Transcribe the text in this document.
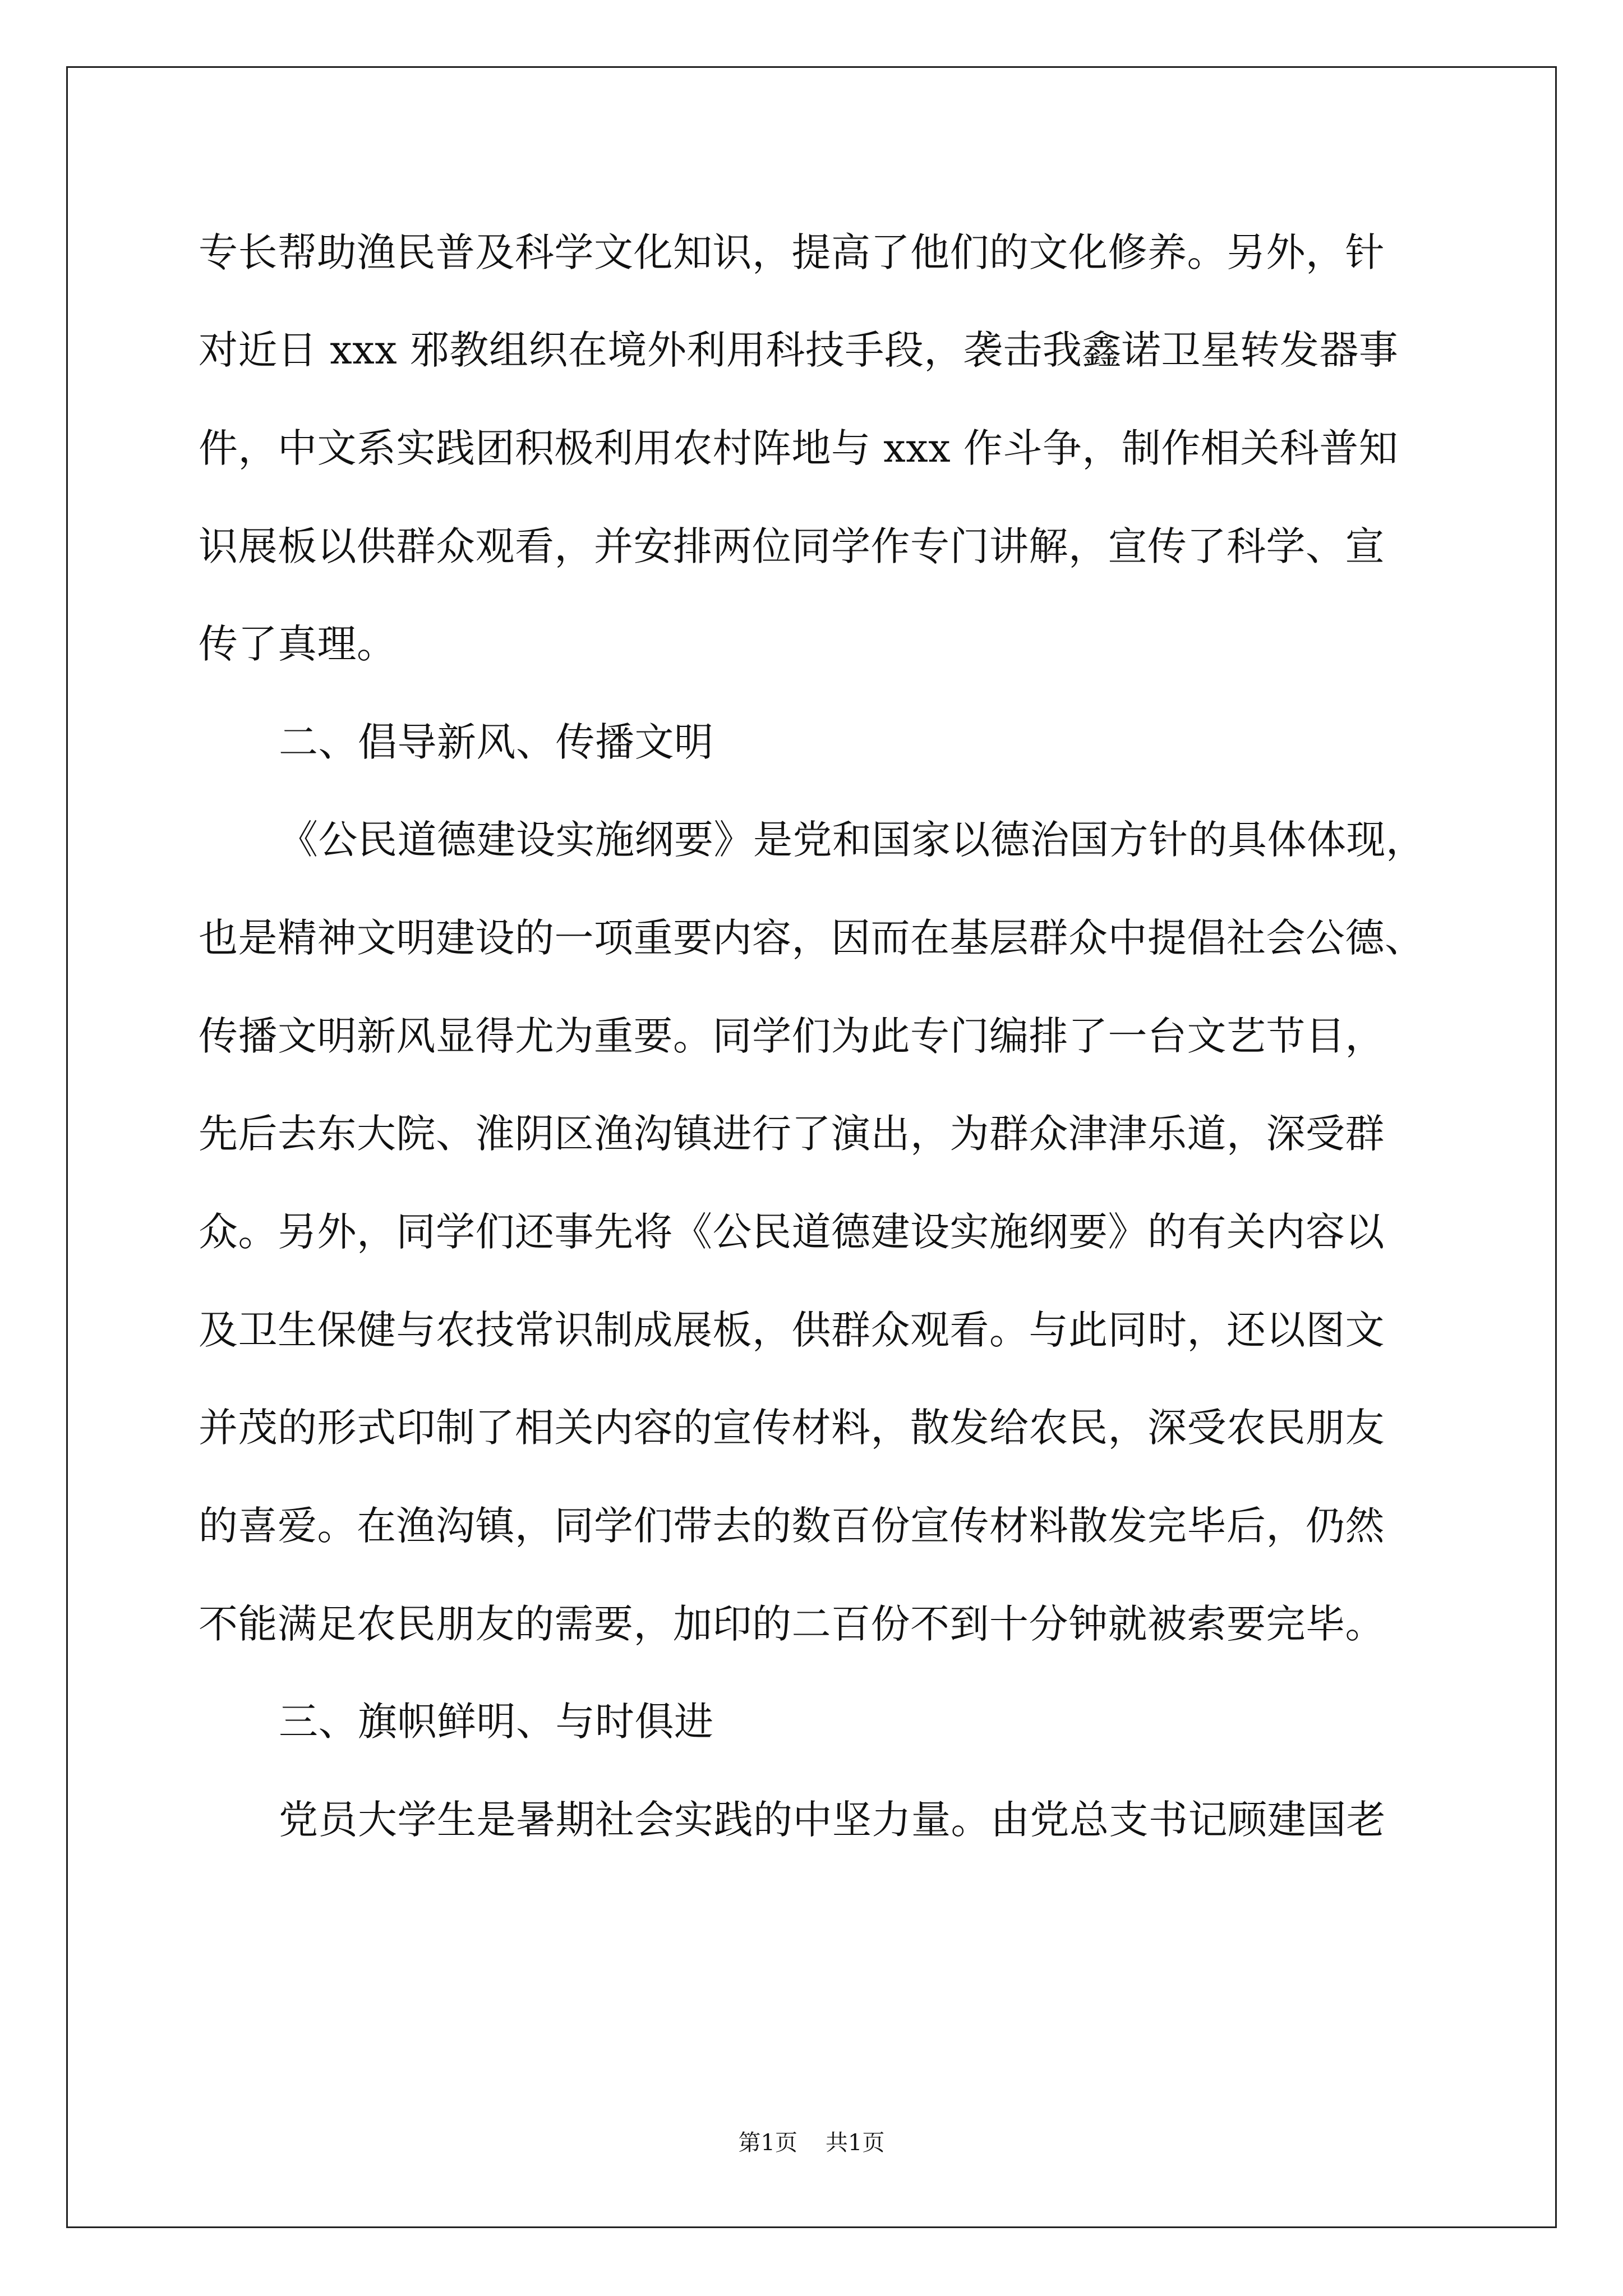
专长帮助渔民普及科学文化知识，提高了他们的文化修养。另外，针
对近日 xxx 邪教组织在境外利用科技手段，袭击我鑫诺卫星转发器事
件，中文系实践团积极利用农村阵地与 xxx 作斗争，制作相关科普知
识展板以供群众观看，并安排两位同学作专门讲解，宣传了科学、宣
传了真理。
二、倡导新风、传播文明
《公民道德建设实施纲要》是党和国家以德治国方针的具体体现，
也是精神文明建设的一项重要内容，因而在基层群众中提倡社会公德、
传播文明新风显得尤为重要。同学们为此专门编排了一台文艺节目，
先后去东大院、淮阴区渔沟镇进行了演出，为群众津津乐道，深受群
众。另外，同学们还事先将《公民道德建设实施纲要》的有关内容以
及卫生保健与农技常识制成展板，供群众观看。与此同时，还以图文
并茂的形式印制了相关内容的宣传材料，散发给农民，深受农民朋友
的喜爱。在渔沟镇，同学们带去的数百份宣传材料散发完毕后，仍然
不能满足农民朋友的需要，加印的二百份不到十分钟就被索要完毕。
三、旗帜鲜明、与时俱进
党员大学生是暑期社会实践的中坚力量。由党总支书记顾建国老
第1页 共1页
